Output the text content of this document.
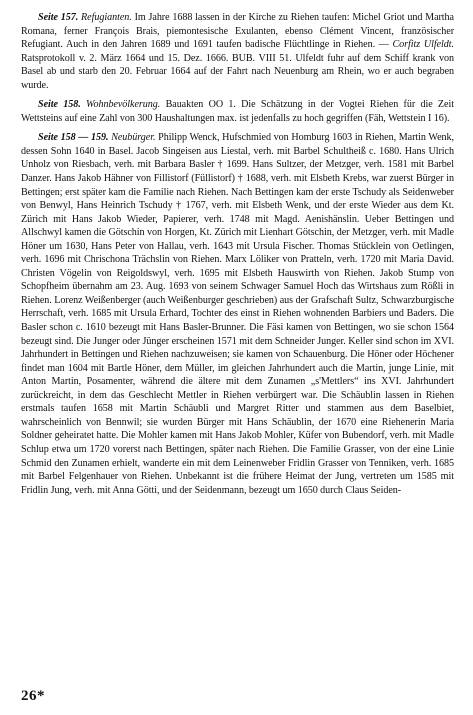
Seite 157. Refugianten. Im Jahre 1688 lassen in der Kirche zu Riehen taufen: Michel Griot und Martha Romana, ferner François Brais, piemontesische Exulanten, ebenso Clément Vincent, französischer Refugiant. Auch in den Jahren 1689 und 1691 taufen badische Flüchtlinge in Riehen. — Corfitz Ulfeldt. Ratsprotokoll v. 2. März 1664 und 15. Dez. 1666. BUB. VIII 51. Ulfeldt fuhr auf dem Schiff krank von Basel ab und starb den 20. Februar 1664 auf der Fahrt nach Neuenburg am Rhein, wo er auch begraben wurde.

Seite 158. Wohnbevölkerung. Bauakten OO 1. Die Schätzung in der Vogtei Riehen für die Zeit Wettsteins auf eine Zahl von 300 Haushaltungen max. ist jedenfalls zu hoch gegriffen (Fäh, Wettstein I 16).

Seite 158 — 159. Neubürger. Philipp Wenck, Hufschmied von Homburg 1603 in Riehen, Martin Wenk, dessen Sohn 1640 in Basel. Jacob Singeisen aus Liestal, verh. mit Barbel Schultheiß c. 1680. Hans Ulrich Unholz von Riesbach, verh. mit Barbara Basler † 1699. Hans Sultzer, der Metzger, verh. 1581 mit Barbel Danzer. Hans Jakob Hähner von Fillistorf (Füllistorf) † 1688, verh. mit Elsbeth Krebs, war zuerst Bürger in Bettingen; erst später kam die Familie nach Riehen. Nach Bettingen kam der erste Tschudy als Seidenweber von Benwyl, Hans Heinrich Tschudy † 1767, verh. mit Elsbeth Wenk, und der erste Wieder aus dem Kt. Zürich mit Hans Jakob Wieder, Papierer, verh. 1748 mit Magd. Aenishänslin. Ueber Bettingen und Allschwyl kamen die Götschin von Horgen, Kt. Zürich mit Lienhart Götschin, der Metzger, verh. mit Madle Höner um 1630, Hans Peter von Hallau, verh. 1643 mit Ursula Fischer. Thomas Stücklein von Oetlingen, verh. 1696 mit Chrischona Trächslin von Riehen. Marx Löliker von Pratteln, verh. 1720 mit Maria David. Christen Vögelin von Reigoldswyl, verh. 1695 mit Elsbeth Hauswirth von Riehen. Jakob Stump von Schopfheim übernahm am 23. Aug. 1693 von seinem Schwager Samuel Hoch das Wirtshaus zum Rößli in Riehen. Lorenz Weißenberger (auch Weißenburger geschrieben) aus der Grafschaft Sultz, Schwarzburgische Herrschaft, verh. 1685 mit Ursula Erhard, Tochter des einst in Riehen wohnenden Barbiers und Baders. Die Basler schon c. 1610 bezeugt mit Hans Basler-Brunner. Die Fäsi kamen von Bettingen, wo sie schon 1564 bezeugt sind. Die Junger oder Jünger erscheinen 1571 mit dem Schneider Junger. Keller sind schon im XVI. Jahrhundert in Bettingen und Riehen nachzuweisen; sie kamen von Schauenburg. Die Höner oder Höchener findet man 1604 mit Bartle Höner, dem Müller, im gleichen Jahrhundert auch die Martin, junge Linie, mit Anton Martin, Posamenter, während die ältere mit dem Zunamen „s'Mettlers“ ins XVI. Jahrhundert zurückreicht, in dem das Geschlecht Mettler in Riehen verbürgert war. Die Schäublin lassen in Riehen erstmals taufen 1658 mit Martin Schäubli und Margret Ritter und stammen aus dem Baselbiet, wahrscheinlich von Bennwil; sie wurden Bürger mit Hans Schäublin, der 1670 eine Riehenerin Maria Soldner geheiratet hatte. Die Mohler kamen mit Hans Jakob Mohler, Küfer von Bubendorf, verh. mit Madle Schlup etwa um 1720 vorerst nach Bettingen, später nach Riehen. Die Familie Grasser, von der eine Linie Schmid den Zunamen erhielt, wanderte ein mit dem Leinenweber Fridlin Grasser von Tenniken, verh. 1685 mit Barbel Felgenhauer von Riehen. Unbekannt ist die frühere Heimat der Jung, vertreten um 1585 mit Fridlin Jung, verh. mit Anna Götti, und der Seidenmann, bezeugt um 1650 durch Claus Seiden-

26*
